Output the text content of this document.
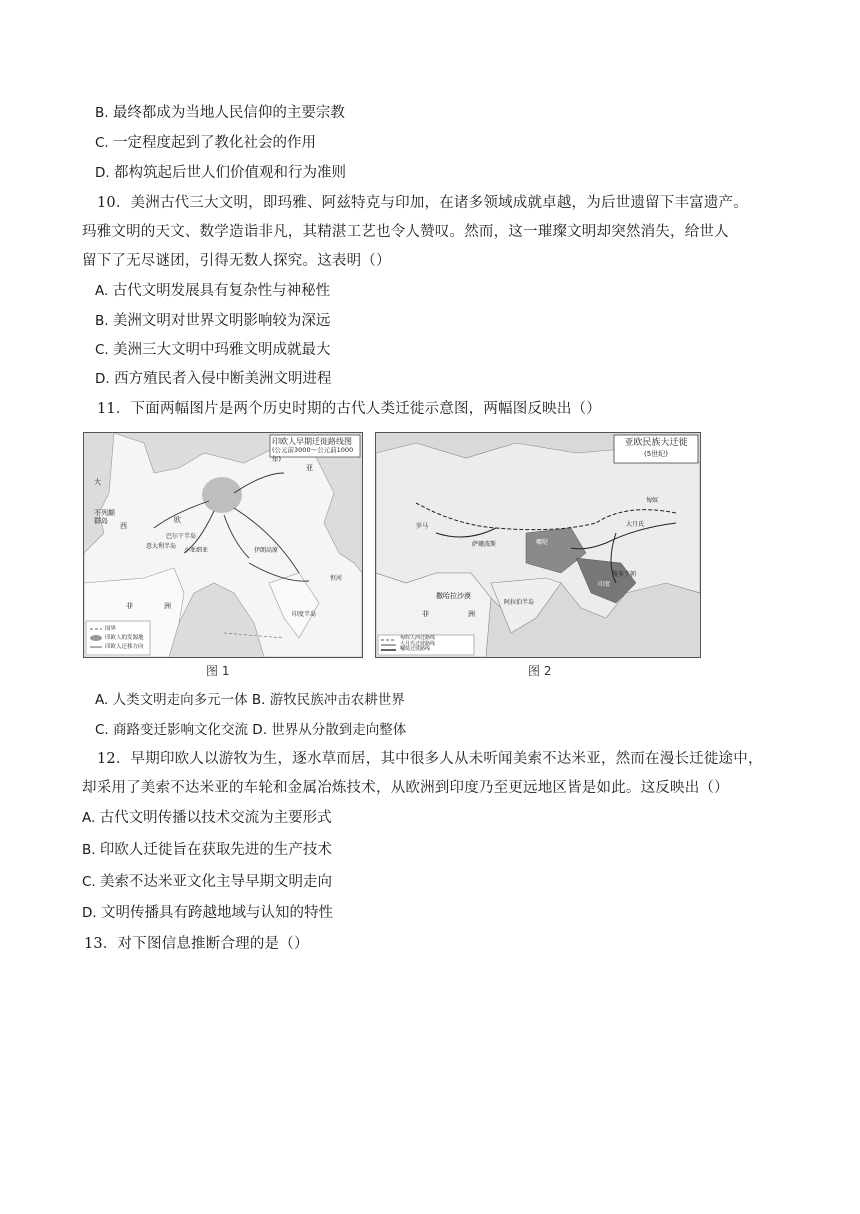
B. 最终都成为当地人民信仰的主要宗教
C. 一定程度起到了教化社会的作用
D. 都构筑起后世人们价值观和行为准则
10．美洲古代三大文明，即玛雅、阿兹特克与印加，在诸多领域成就卓越，为后世遗留下丰富遗产。
玛雅文明的天文、数学造诣非凡，其精湛工艺也令人赞叹。然而，这一璀璨文明却突然消失，给世人
留下了无尽谜团，引得无数人探究。这表明（）
A. 古代文明发展具有复杂性与神秘性
B. 美洲文明对世界文明影响较为深远
C. 美洲三大文明中玛雅文明成就最大
D. 西方殖民者入侵中断美洲文明进程
11．下面两幅图片是两个历史时期的古代人类迁徙示意图，两幅图反映出（）
印欧人早期迁徙路线图
(公元前3000～公元前1000年)
大
不列颠群岛	欧
西
意大利半岛
巴尔干半岛
小亚细亚	伊朗高原
印度半岛
非	洲
恒河
亚
国界
印欧人的发源地
印欧人迁移方向
图 1
亚欧民族大迁徙
(5世纪)
撒哈拉沙漠
非	洲
阿拉伯半岛
嚈哒
印度
笈多王朝
萨珊波斯
大月氏
匈奴
罗马
匈奴人西迁路线
大月氏迁徙路线
嚈哒迁徙路线
图 2
A. 人类文明走向多元一体 B. 游牧民族冲击农耕世界
C. 商路变迁影响文化交流 D. 世界从分散到走向整体
12．早期印欧人以游牧为生，逐水草而居，其中很多人从未听闻美索不达米亚，然而在漫长迁徙途中，
却采用了美索不达米亚的车轮和金属冶炼技术，从欧洲到印度乃至更远地区皆是如此。这反映出（）
A. 古代文明传播以技术交流为主要形式
B. 印欧人迁徙旨在获取先进的生产技术
C. 美索不达米亚文化主导早期文明走向
D. 文明传播具有跨越地域与认知的特性
13．对下图信息推断合理的是（）
